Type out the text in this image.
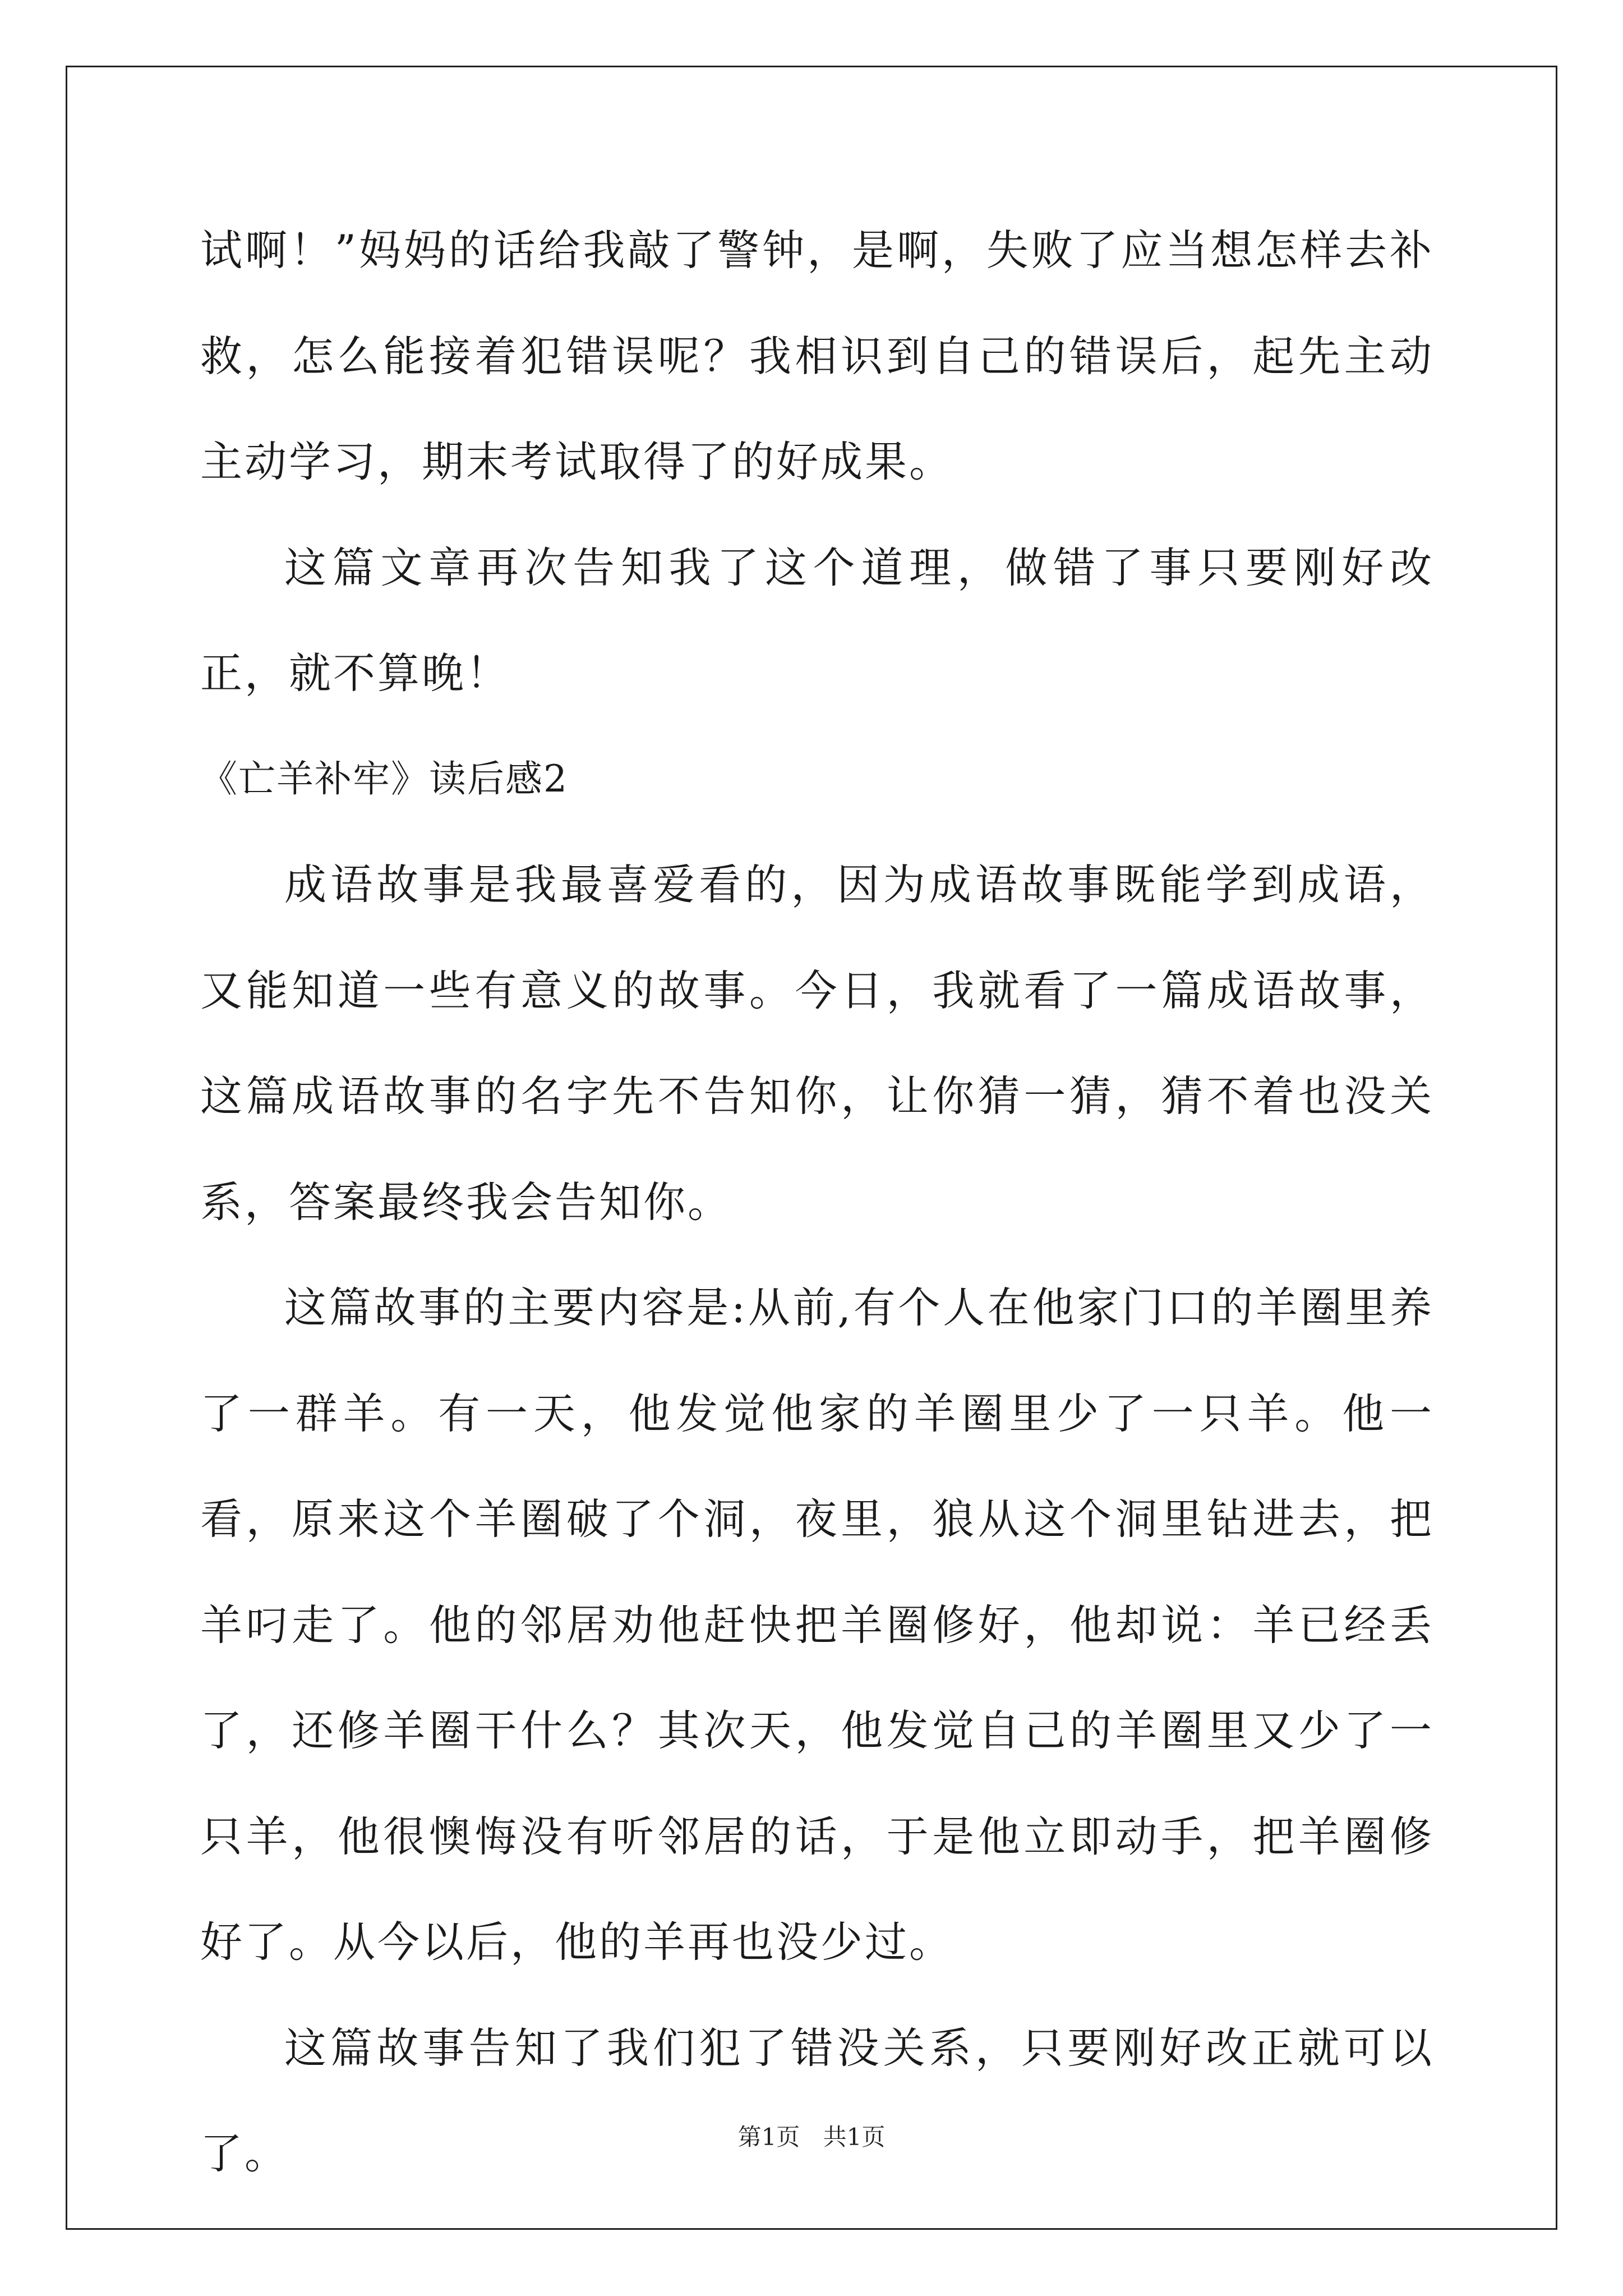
试啊！”妈妈的话给我敲了警钟，是啊，失败了应当想怎样去补救，怎么能接着犯错误呢？我相识到自己的错误后，起先主动主动学习，期末考试取得了的好成果。

这篇文章再次告知我了这个道理，做错了事只要刚好改正，就不算晚！

《亡羊补牢》读后感2

成语故事是我最喜爱看的，因为成语故事既能学到成语，又能知道一些有意义的故事。今日，我就看了一篇成语故事，这篇成语故事的名字先不告知你，让你猜一猜，猜不着也没关系，答案最终我会告知你。

这篇故事的主要内容是:从前,有个人在他家门口的羊圈里养了一群羊。有一天，他发觉他家的羊圈里少了一只羊。他一看，原来这个羊圈破了个洞，夜里，狼从这个洞里钻进去，把羊叼走了。他的邻居劝他赶快把羊圈修好，他却说：羊已经丢了，还修羊圈干什么？其次天，他发觉自己的羊圈里又少了一只羊，他很懊悔没有听邻居的话，于是他立即动手，把羊圈修好了。从今以后，他的羊再也没少过。

这篇故事告知了我们犯了错没关系，只要刚好改正就可以了。	第1页 共1页
